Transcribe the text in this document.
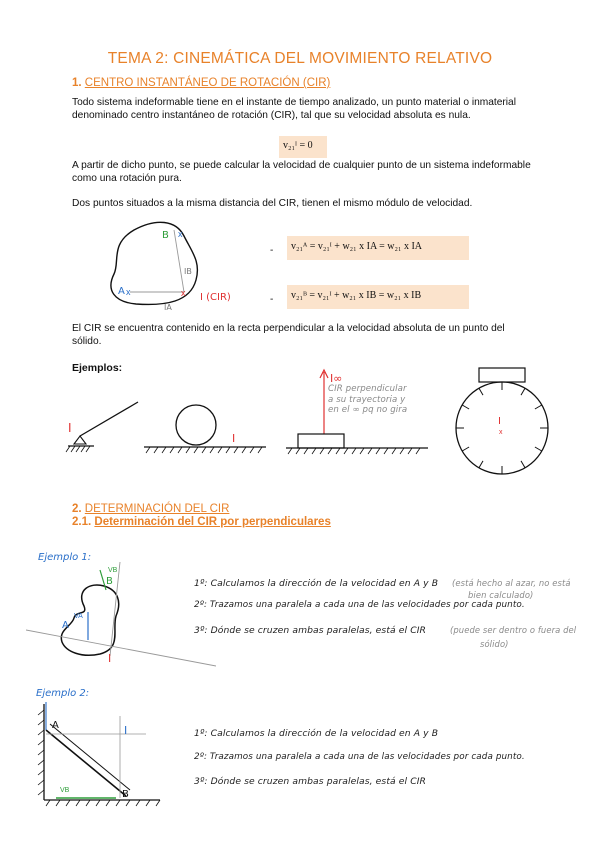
TEMA 2: CINEMÁTICA DEL MOVIMIENTO RELATIVO
1. CENTRO INSTANTÁNEO DE ROTACIÓN (CIR)
Todo sistema indeformable tiene en el instante de tiempo analizado, un punto material o inmaterial denominado centro instantáneo de rotación (CIR), tal que su velocidad absoluta es nula.
v₂₁ᴵ = 0
A partir de dicho punto, se puede calcular la velocidad de cualquier punto de un sistema indeformable como una rotación pura.
Dos puntos situados a la misma distancia del CIR, tienen el mismo módulo de velocidad.
B
A
x
x	x
IB
IA
I (CIR)
- v₂₁ᴬ = v₂₁ᴵ + w₂₁ x IA = w₂₁ x IA
- v₂₁ᴮ = v₂₁ᴵ + w₂₁ x IB = w₂₁ x IB
El CIR se encuentra contenido en la recta perpendicular a la velocidad absoluta de un punto del sólido.
Ejemplos:
I
I
I∞
CIR perpendicular
a su trayectoria y
en el ∞ pq no gira
I
x
2. DETERMINACIÓN DEL CIR
2.1. Determinación del CIR por perpendiculares
Ejemplo 1:
A
B
VA
VB
I
1º: Calculamos la dirección de la velocidad en A y B (está hecho al azar, no está
bien calculado)
2º: Trazamos una paralela a cada una de las velocidades por cada punto.
3º: Dónde se cruzen ambas paralelas, está el CIR	(puede ser dentro o fuera del
sólido)
Ejemplo 2:
A
B
I
VB
1º: Calculamos la dirección de la velocidad en A y B
2º: Trazamos una paralela a cada una de las velocidades por cada punto.
3º: Dónde se cruzen ambas paralelas, está el CIR
